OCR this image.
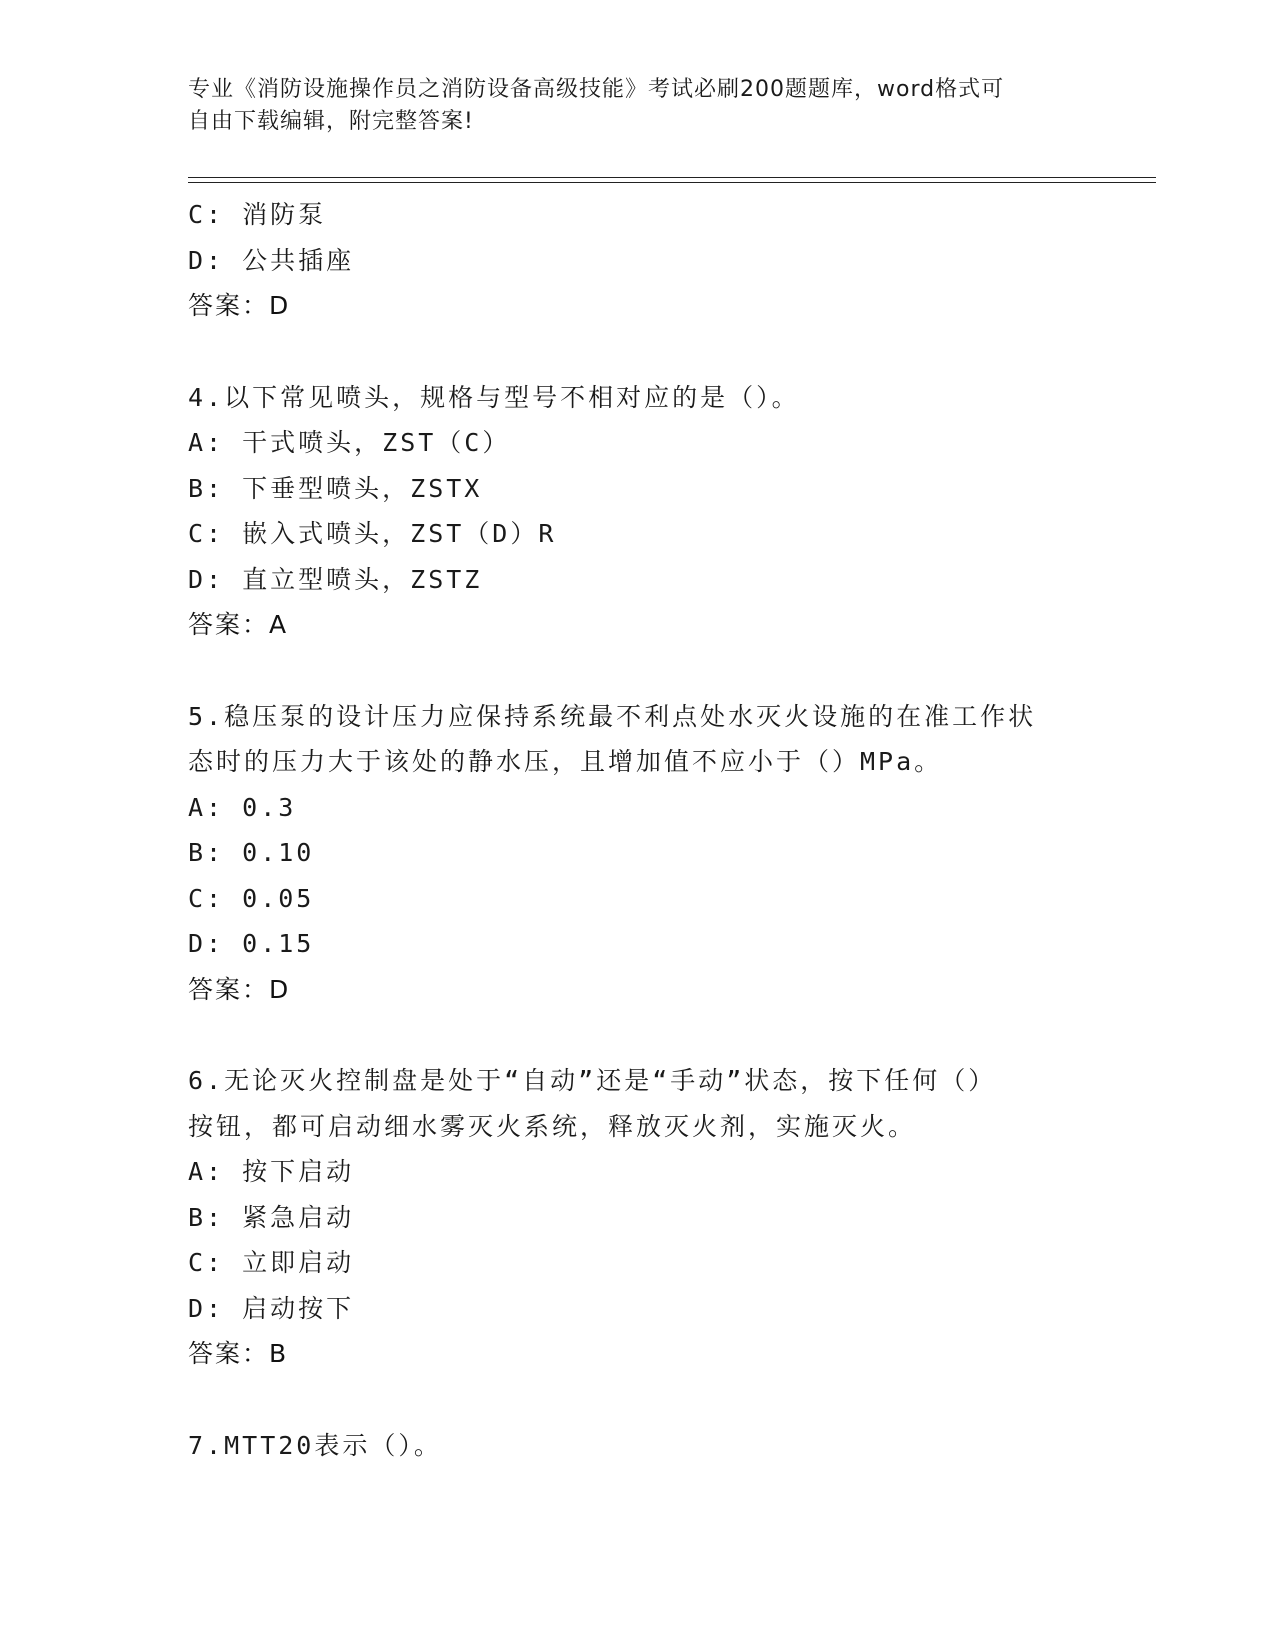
专业《消防设施操作员之消防设备高级技能》考试必刷200题题库，word格式可
自由下载编辑，附完整答案!
C: 消防泵
D: 公共插座
答案：D
4.以下常见喷头，规格与型号不相对应的是（）。
A: 干式喷头，ZST（C）
B: 下垂型喷头，ZSTX
C: 嵌入式喷头，ZST（D）R
D: 直立型喷头，ZSTZ
答案：A
5.稳压泵的设计压力应保持系统最不利点处水灭火设施的在准工作状
态时的压力大于该处的静水压，且增加值不应小于（）MPa。
A: 0.3
B: 0.10
C: 0.05
D: 0.15
答案：D
6.无论灭火控制盘是处于“自动”还是“手动”状态，按下任何（）
按钮，都可启动细水雾灭火系统，释放灭火剂，实施灭火。
A: 按下启动
B: 紧急启动
C: 立即启动
D: 启动按下
答案：B
7.MTT20表示（）。
